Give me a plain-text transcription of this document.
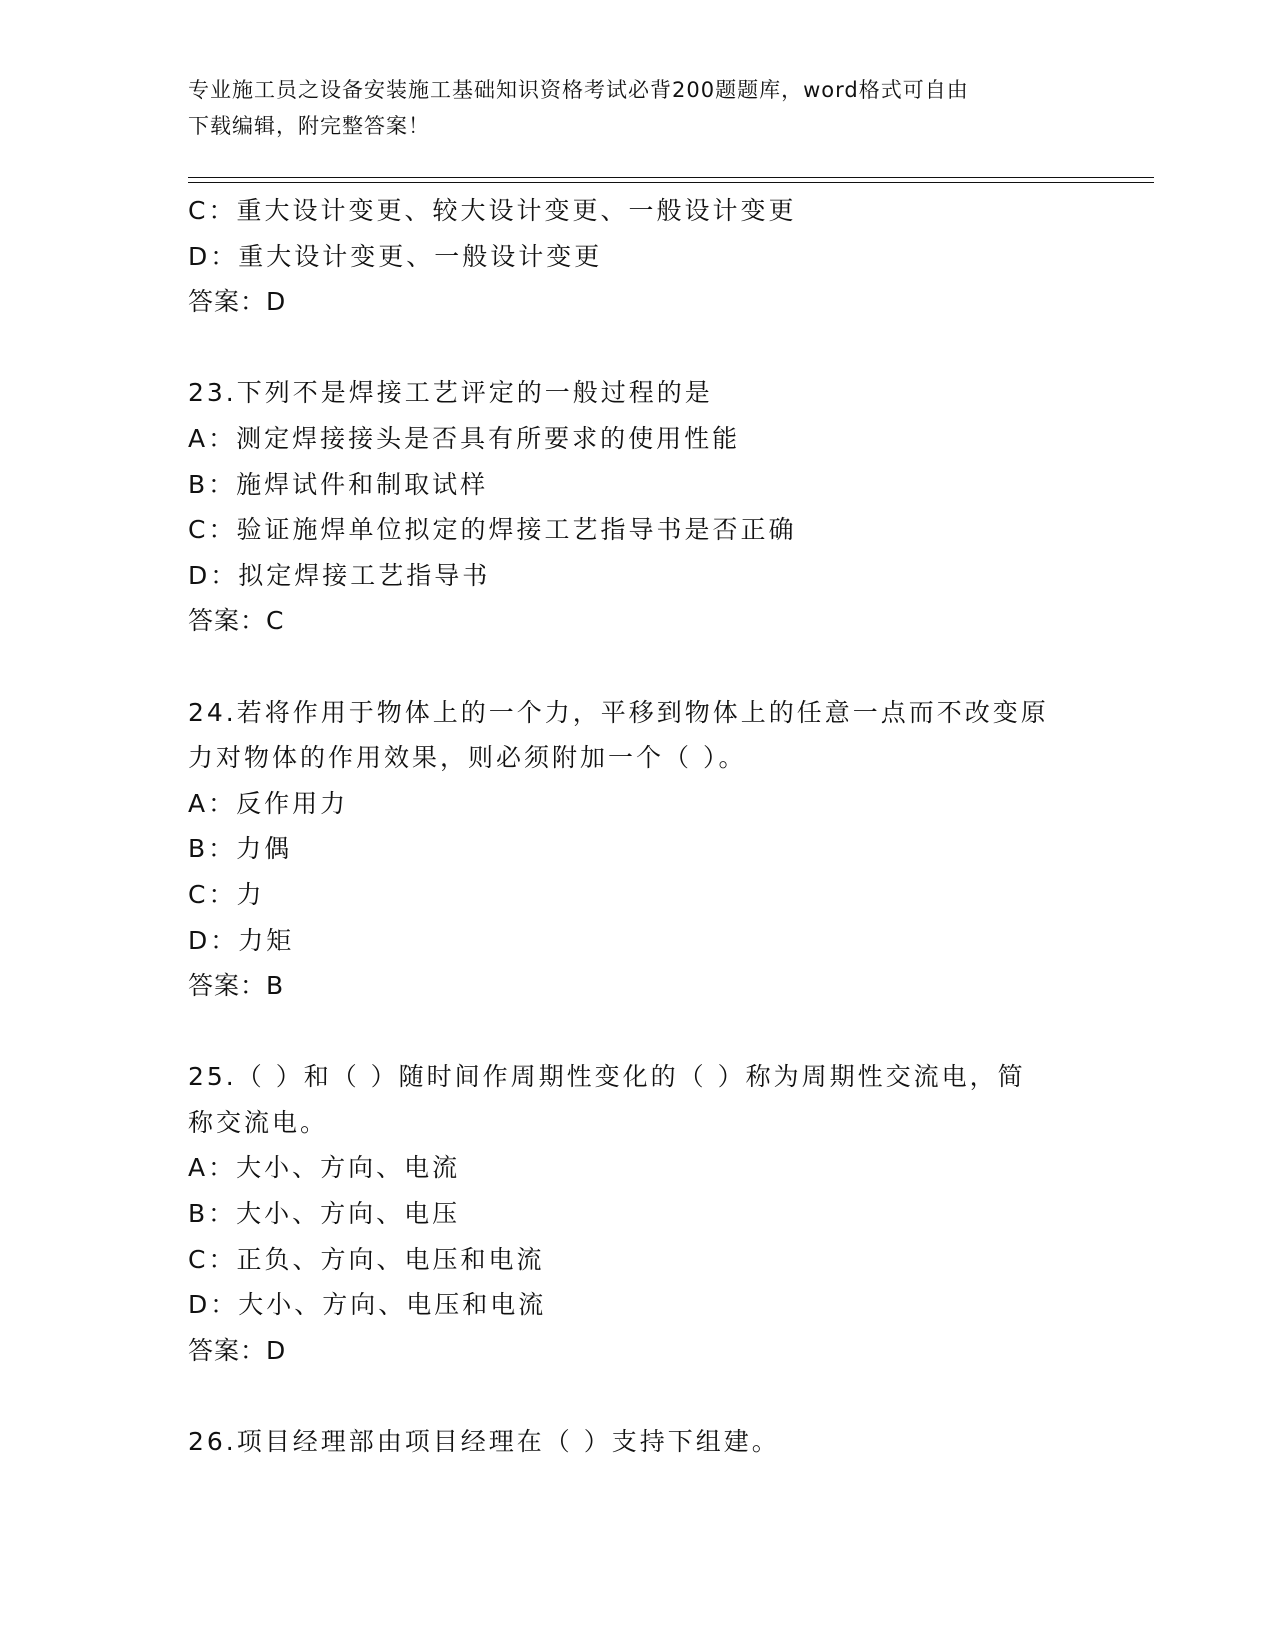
专业施工员之设备安装施工基础知识资格考试必背200题题库，word格式可自由
下载编辑，附完整答案！
C：重大设计变更、较大设计变更、一般设计变更
D：重大设计变更、一般设计变更
答案：D
23.下列不是焊接工艺评定的一般过程的是
A：测定焊接接头是否具有所要求的使用性能
B：施焊试件和制取试样
C：验证施焊单位拟定的焊接工艺指导书是否正确
D：拟定焊接工艺指导书
答案：C
24.若将作用于物体上的一个力，平移到物体上的任意一点而不改变原
力对物体的作用效果，则必须附加一个（ ）。
A：反作用力
B：力偶
C：力
D：力矩
答案：B
25.（ ）和（ ）随时间作周期性变化的（ ）称为周期性交流电，简
称交流电。
A：大小、方向、电流
B：大小、方向、电压
C：正负、方向、电压和电流
D：大小、方向、电压和电流
答案：D
26.项目经理部由项目经理在（ ）支持下组建。
